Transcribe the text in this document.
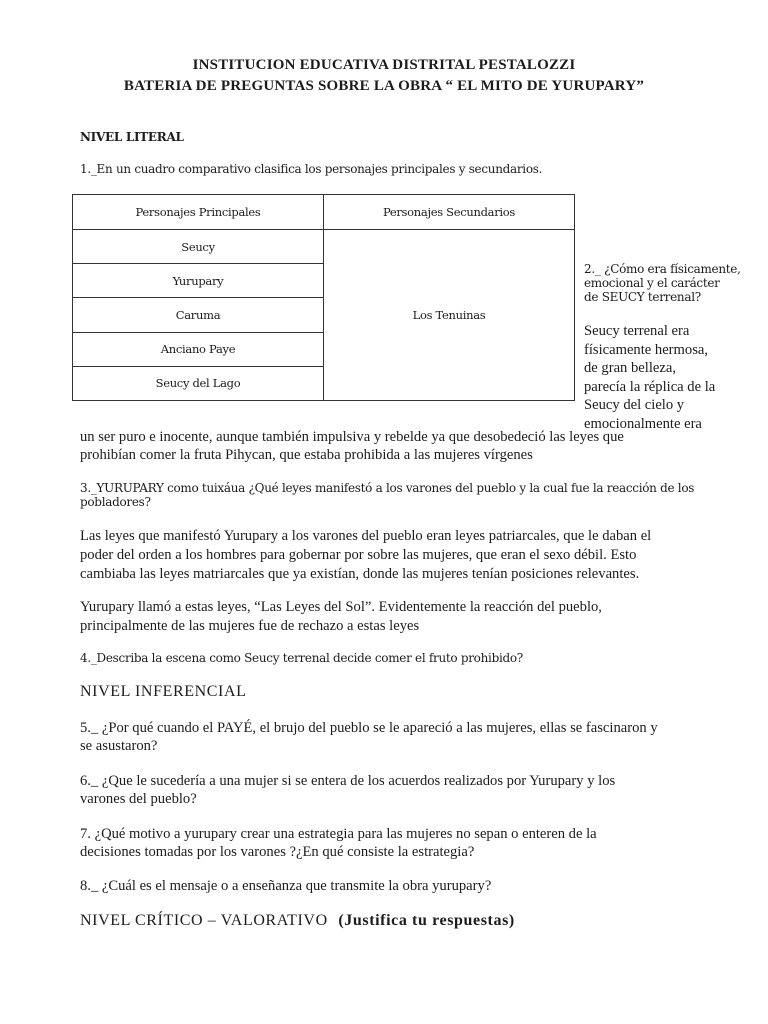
INSTITUCION EDUCATIVA DISTRITAL PESTALOZZI
BATERIA DE PREGUNTAS SOBRE LA OBRA “ EL MITO DE YURUPARY”
NIVEL LITERAL
1._En un cuadro comparativo clasifica los personajes principales y secundarios.
Personajes Principales	Personajes Secundarios
Seucy	Los Tenuinas
Yurupary	
Caruma	
Anciano Paye	
Seucy del Lago	
2._ ¿Cómo era físicamente,
emocional y el carácter
de SEUCY terrenal?
Seucy terrenal era
físicamente hermosa,
de gran belleza,
parecía la réplica de la
Seucy del cielo y
emocionalmente era
un ser puro e inocente, aunque también impulsiva y rebelde ya que desobedeció las leyes que
prohibían comer la fruta Pihycan, que estaba prohibida a las mujeres vírgenes
3._YURUPARY como tuixáua ¿Qué leyes manifestó a los varones del pueblo y la cual fue la reacción de los
pobladores?
Las leyes que manifestó Yurupary a los varones del pueblo eran leyes patriarcales, que le daban el
poder del orden a los hombres para gobernar por sobre las mujeres, que eran el sexo débil. Esto
cambiaba las leyes matriarcales que ya existían, donde las mujeres tenían posiciones relevantes.
Yurupary llamó a estas leyes, “Las Leyes del Sol”. Evidentemente la reacción del pueblo,
principalmente de las mujeres fue de rechazo a estas leyes
4._Describa la escena como Seucy terrenal decide comer el fruto prohibido?
NIVEL INFERENCIAL
5._ ¿Por qué cuando el PAYÉ, el brujo del pueblo se le apareció a las mujeres, ellas se fascinaron y
se asustaron?
6._ ¿Que le sucedería a una mujer si se entera de los acuerdos realizados por Yurupary y los
varones del pueblo?
7. ¿Qué motivo a yurupary crear una estrategia para las mujeres no sepan o enteren de la
decisiones tomadas por los varones ?¿En qué consiste la estrategia?
8._ ¿Cuál es el mensaje o a enseñanza que transmite la obra yurupary?
NIVEL CRÍTICO – VALORATIVO (Justifica tu respuestas)
